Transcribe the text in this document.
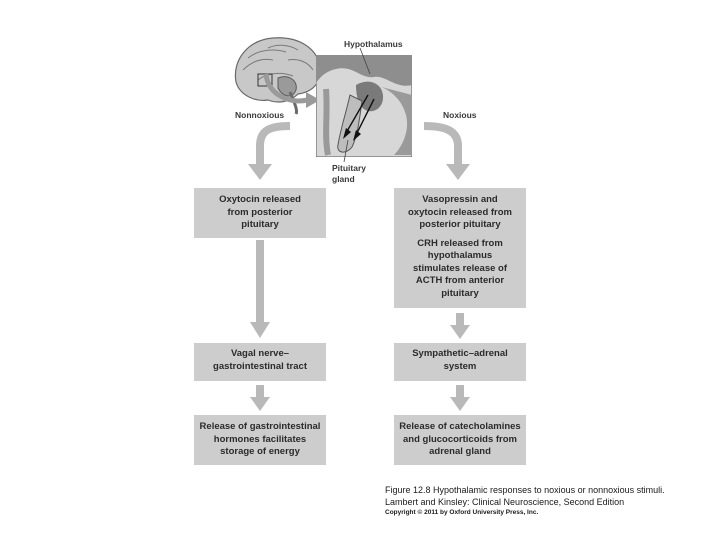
Hypothalamus
Nonnoxious	Noxious
Pituitary
gland
Oxytocin released
from posterior
pituitary
Vagal nerve–
gastrointestinal tract
Release of gastrointestinal
hormones facilitates
storage of energy
Vasopressin and
oxytocin released from
posterior pituitary
CRH released from
hypothalamus
stimulates release of
ACTH from anterior
pituitary
Sympathetic–adrenal
system
Release of catecholamines
and glucocorticoids from
adrenal gland
Figure 12.8 Hypothalamic responses to noxious or nonnoxious stimuli.
Lambert and Kinsley: Clinical Neuroscience, Second Edition
Copyright © 2011 by Oxford University Press, Inc.
